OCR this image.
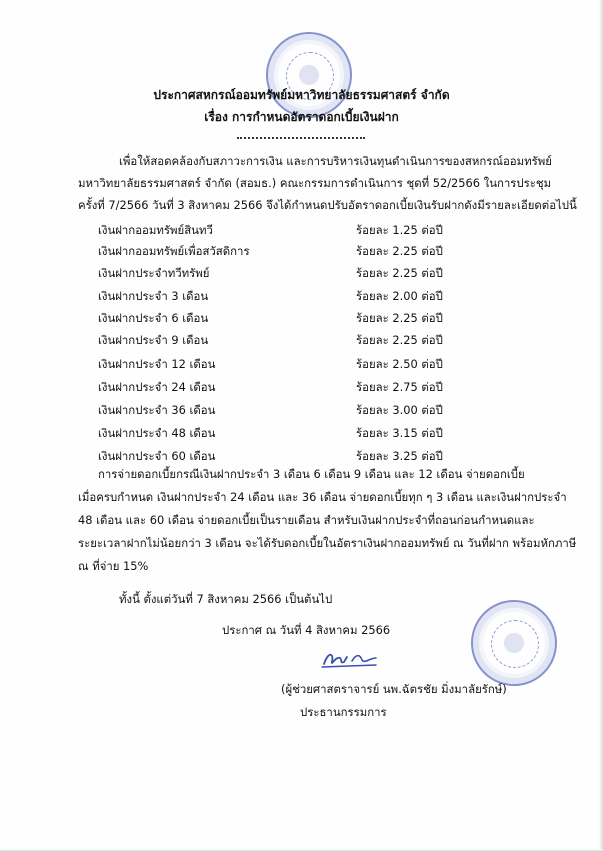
ประกาศสหกรณ์ออมทรัพย์มหาวิทยาลัยธรรมศาสตร์ จำกัด
เรื่อง การกำหนดอัตราดอกเบี้ยเงินฝาก
เพื่อให้สอดคล้องกับสภาวะการเงิน และการบริหารเงินทุนดำเนินการของสหกรณ์ออมทรัพย์
มหาวิทยาลัยธรรมศาสตร์ จำกัด (สอมธ.) คณะกรรมการดำเนินการ ชุดที่ 52/2566 ในการประชุม
ครั้งที่ 7/2566 วันที่ 3 สิงหาคม 2566 จึงได้กำหนดปรับอัตราดอกเบี้ยเงินรับฝากดังมีรายละเอียดต่อไปนี้
เงินฝากออมทรัพย์สินทวี	ร้อยละ 1.25 ต่อปี
เงินฝากออมทรัพย์เพื่อสวัสดิการ	ร้อยละ 2.25 ต่อปี
เงินฝากประจำทวีทรัพย์	ร้อยละ 2.25 ต่อปี
เงินฝากประจำ 3 เดือน	ร้อยละ 2.00 ต่อปี
เงินฝากประจำ 6 เดือน	ร้อยละ 2.25 ต่อปี
เงินฝากประจำ 9 เดือน	ร้อยละ 2.25 ต่อปี
เงินฝากประจำ 12 เดือน	ร้อยละ 2.50 ต่อปี
เงินฝากประจำ 24 เดือน	ร้อยละ 2.75 ต่อปี
เงินฝากประจำ 36 เดือน	ร้อยละ 3.00 ต่อปี
เงินฝากประจำ 48 เดือน	ร้อยละ 3.15 ต่อปี
เงินฝากประจำ 60 เดือน	ร้อยละ 3.25 ต่อปี
การจ่ายดอกเบี้ยกรณีเงินฝากประจำ 3 เดือน 6 เดือน 9 เดือน และ 12 เดือน จ่ายดอกเบี้ย
เมื่อครบกำหนด เงินฝากประจำ 24 เดือน และ 36 เดือน จ่ายดอกเบี้ยทุก ๆ 3 เดือน และเงินฝากประจำ
48 เดือน และ 60 เดือน จ่ายดอกเบี้ยเป็นรายเดือน สำหรับเงินฝากประจำที่ถอนก่อนกำหนดและ
ระยะเวลาฝากไม่น้อยกว่า 3 เดือน จะได้รับดอกเบี้ยในอัตราเงินฝากออมทรัพย์ ณ วันที่ฝาก พร้อมหักภาษี
ณ ที่จ่าย 15%
ทั้งนี้ ตั้งแต่วันที่ 7 สิงหาคม 2566 เป็นต้นไป
ประกาศ ณ วันที่ 4 สิงหาคม 2566
(ผู้ช่วยศาสตราจารย์ นพ.ฉัตรชัย มิ่งมาลัยรักษ์)
ประธานกรรมการ
